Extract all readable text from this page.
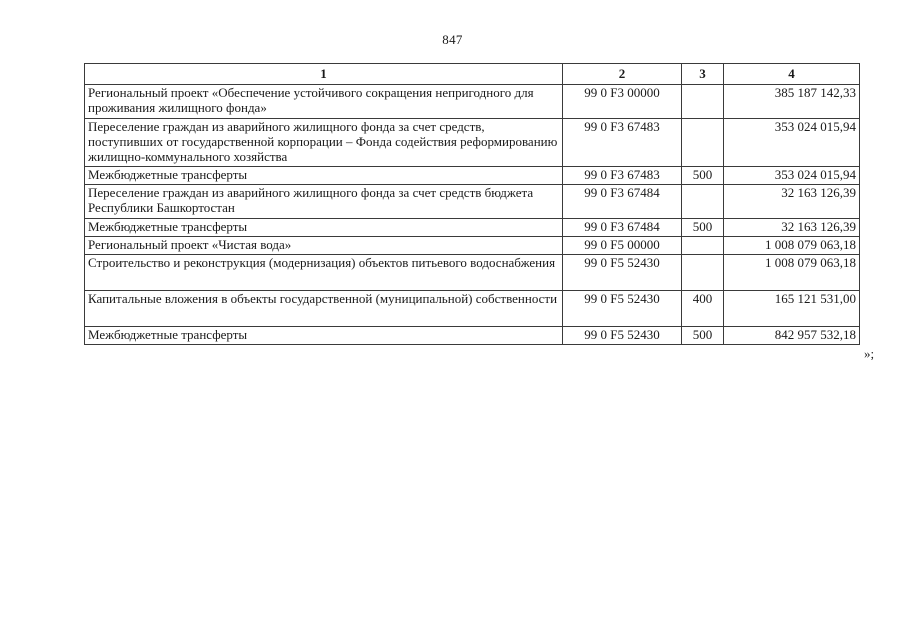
847
1	2	3	4
Региональный проект «Обеспечение устойчивого сокращения непригодного для проживания жилищного фонда»	99 0 F3 00000		385 187 142,33
Переселение граждан из аварийного жилищного фонда за счет средств, поступивших от государственной корпорации – Фонда содействия реформированию жилищно-коммунального хозяйства	99 0 F3 67483		353 024 015,94
Межбюджетные трансферты	99 0 F3 67483	500	353 024 015,94
Переселение граждан из аварийного жилищного фонда за счет средств бюджета Республики Башкортостан	99 0 F3 67484		32 163 126,39
Межбюджетные трансферты	99 0 F3 67484	500	32 163 126,39
Региональный проект «Чистая вода»	99 0 F5 00000		1 008 079 063,18
Строительство и реконструкция (модернизация) объектов питьевого водоснабжения	99 0 F5 52430		1 008 079 063,18
Капитальные вложения в объекты государственной (муниципальной) собственности	99 0 F5 52430	400	165 121 531,00
Межбюджетные трансферты	99 0 F5 52430	500	842 957 532,18
»;
